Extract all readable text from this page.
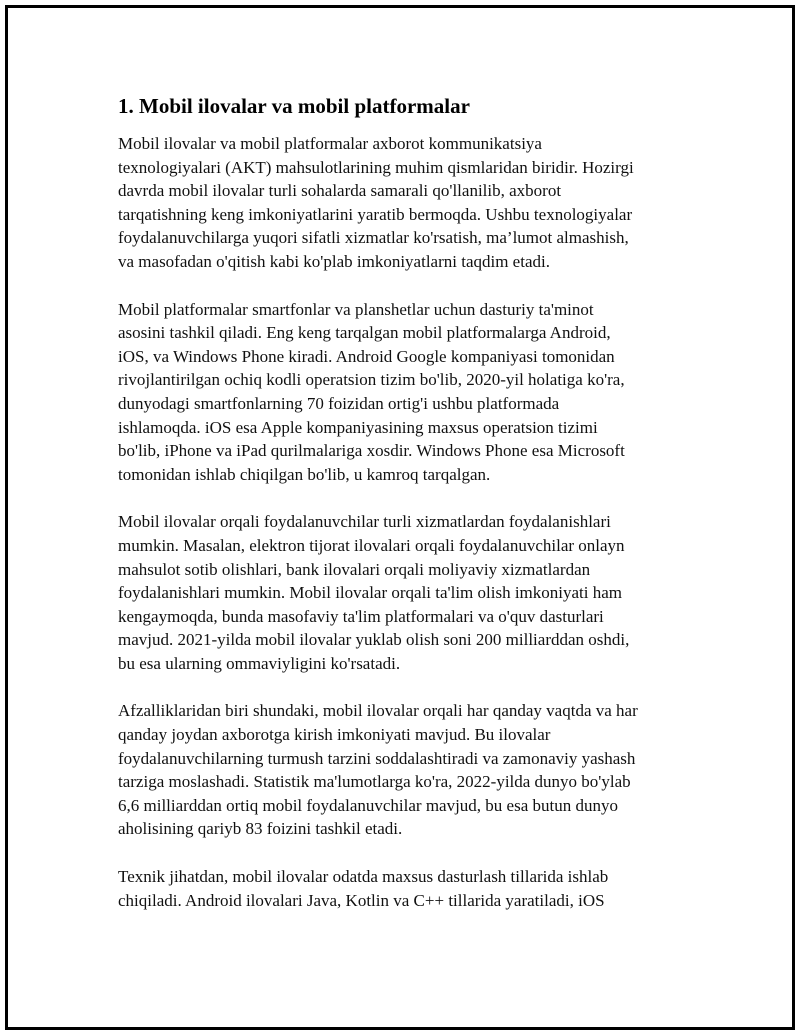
1. Mobil ilovalar va mobil platformalar

Mobil ilovalar va mobil platformalar axborot kommunikatsiya
texnologiyalari (AKT) mahsulotlarining muhim qismlaridan biridir. Hozirgi
davrda mobil ilovalar turli sohalarda samarali qo'llanilib, axborot
tarqatishning keng imkoniyatlarini yaratib bermoqda. Ushbu texnologiyalar
foydalanuvchilarga yuqori sifatli xizmatlar ko'rsatish, ma’lumot almashish,
va masofadan o'qitish kabi ko'plab imkoniyatlarni taqdim etadi.

Mobil platformalar smartfonlar va planshetlar uchun dasturiy ta'minot
asosini tashkil qiladi. Eng keng tarqalgan mobil platformalarga Android,
iOS, va Windows Phone kiradi. Android Google kompaniyasi tomonidan
rivojlantirilgan ochiq kodli operatsion tizim bo'lib, 2020-yil holatiga ko'ra,
dunyodagi smartfonlarning 70 foizidan ortig'i ushbu platformada
ishlamoqda. iOS esa Apple kompaniyasining maxsus operatsion tizimi
bo'lib, iPhone va iPad qurilmalariga xosdir. Windows Phone esa Microsoft
tomonidan ishlab chiqilgan bo'lib, u kamroq tarqalgan.

Mobil ilovalar orqali foydalanuvchilar turli xizmatlardan foydalanishlari
mumkin. Masalan, elektron tijorat ilovalari orqali foydalanuvchilar onlayn
mahsulot sotib olishlari, bank ilovalari orqali moliyaviy xizmatlardan
foydalanishlari mumkin. Mobil ilovalar orqali ta'lim olish imkoniyati ham
kengaymoqda, bunda masofaviy ta'lim platformalari va o'quv dasturlari
mavjud. 2021-yilda mobil ilovalar yuklab olish soni 200 milliarddan oshdi,
bu esa ularning ommaviyligini ko'rsatadi.

Afzalliklaridan biri shundaki, mobil ilovalar orqali har qanday vaqtda va har
qanday joydan axborotga kirish imkoniyati mavjud. Bu ilovalar
foydalanuvchilarning turmush tarzini soddalashtiradi va zamonaviy yashash
tarziga moslashadi. Statistik ma'lumotlarga ko'ra, 2022-yilda dunyo bo'ylab
6,6 milliarddan ortiq mobil foydalanuvchilar mavjud, bu esa butun dunyo
aholisining qariyb 83 foizini tashkil etadi.

Texnik jihatdan, mobil ilovalar odatda maxsus dasturlash tillarida ishlab
chiqiladi. Android ilovalari Java, Kotlin va C++ tillarida yaratiladi, iOS
